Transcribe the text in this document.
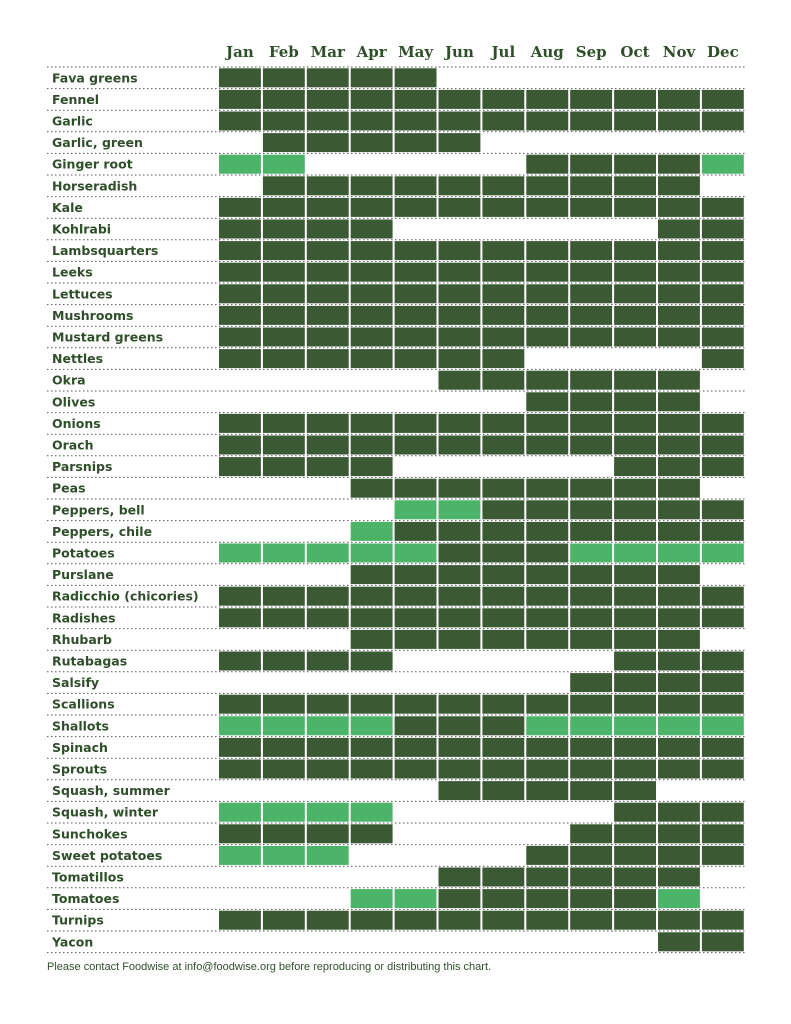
Jan Feb Mar Apr May Jun Jul Aug Sep Oct Nov Dec
Fava greens
Fennel
Garlic
Garlic, green
Ginger root
Horseradish
Kale
Kohlrabi
Lambsquarters
Leeks
Lettuces
Mushrooms
Mustard greens
Nettles
Okra
Olives
Onions
Orach
Parsnips
Peas
Peppers, bell
Peppers, chile
Potatoes
Purslane
Radicchio (chicories)
Radishes
Rhubarb
Rutabagas
Salsify
Scallions
Shallots
Spinach
Sprouts
Squash, summer
Squash, winter
Sunchokes
Sweet potatoes
Tomatillos
Tomatoes
Turnips
Yacon
Please contact Foodwise at info@foodwise.org before reproducing or distributing this chart.
